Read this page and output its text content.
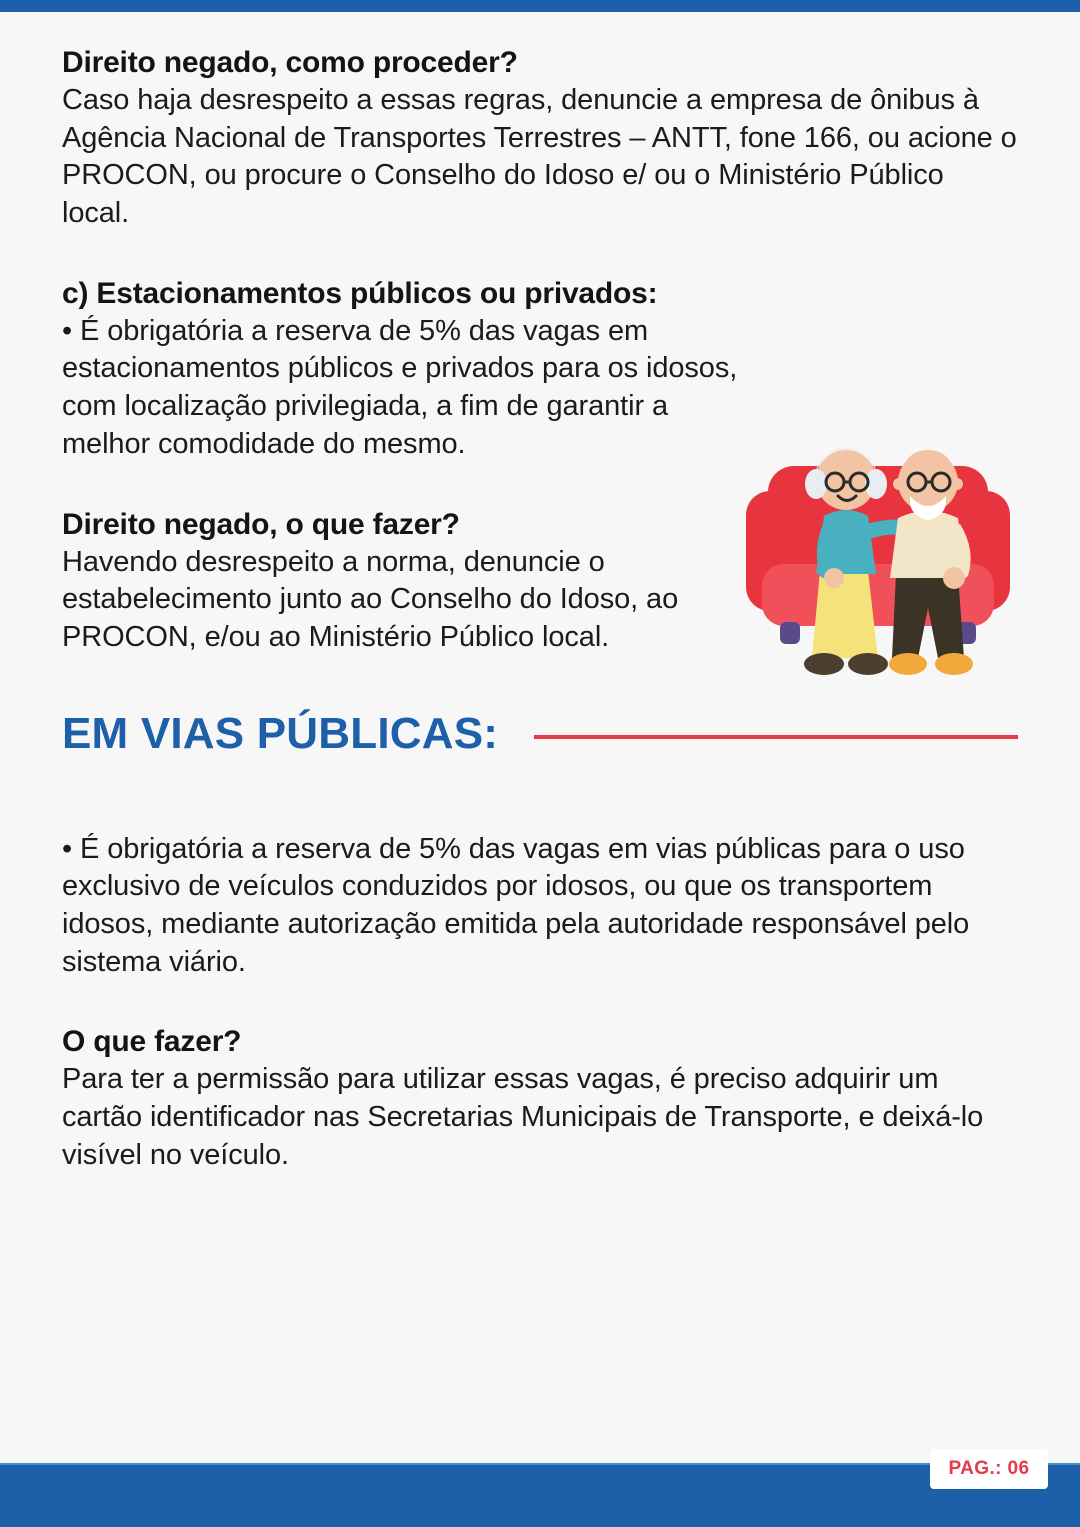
Direito negado, como proceder?

Caso haja desrespeito a essas regras, denuncie a empresa de ônibus à Agência Nacional de Transportes Terrestres – ANTT, fone 166, ou acione o PROCON, ou procure o Conselho do Idoso e/ ou o Ministério Público local.

c) Estacionamentos públicos ou privados:

• É obrigatória a reserva de 5% das vagas em estacionamentos públicos e privados para os idosos, com localização privilegiada, a fim de garantir a melhor comodidade do mesmo.

Direito negado, o que fazer?

Havendo desrespeito a norma, denuncie o estabelecimento junto ao Conselho do Idoso, ao PROCON, e/ou ao Ministério Público local.

EM VIAS PÚBLICAS:

• É obrigatória a reserva de 5% das vagas em vias públicas para o uso exclusivo de veículos conduzidos por idosos, ou que os transportem idosos, mediante autorização emitida pela autoridade responsável pelo sistema viário.

O que fazer?

Para ter a permissão para utilizar essas vagas, é preciso adquirir um cartão identificador nas Secretarias Municipais de Transporte, e deixá-lo visível no veículo.

PAG.: 06
